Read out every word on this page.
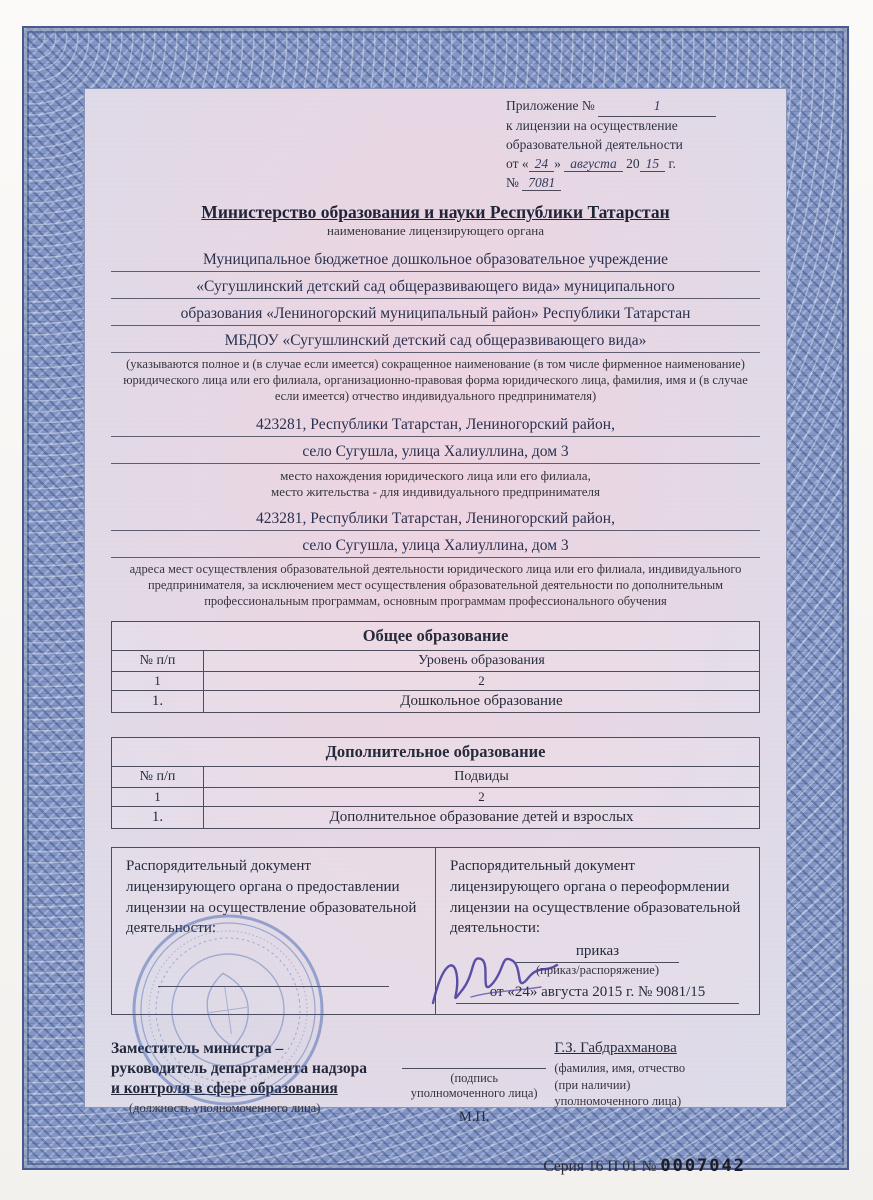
Приложение №	1
к лицензии на осуществление
образовательной деятельности
от « 24 » августа 20 15 г.
№ 7081
Министерство образования и науки Республики Татарстан
наименование лицензирующего органа
Муниципальное бюджетное дошкольное образовательное учреждение
«Сугушлинский детский сад общеразвивающего вида» муниципального
образования «Лениногорский муниципальный район» Республики Татарстан
МБДОУ «Сугушлинский детский сад общеразвивающего вида»
(указываются полное и (в случае если имеется) сокращенное наименование (в том числе фирменное наименование) юридического лица или его филиала, организационно-правовая форма юридического лица, фамилия, имя и (в случае если имеется) отчество индивидуального предпринимателя)
423281, Республики Татарстан, Лениногорский район,
село Сугушла, улица Халиуллина, дом 3
место нахождения юридического лица или его филиала,
место жительства - для индивидуального предпринимателя
423281, Республики Татарстан, Лениногорский район,
село Сугушла, улица Халиуллина, дом 3
адреса мест осуществления образовательной деятельности юридического лица или его филиала, индивидуального предпринимателя, за исключением мест осуществления образовательной деятельности по дополнительным профессиональным программам, основным программам профессионального обучения
Общее образование	
№ п/п	Уровень образования
1	2
1.	Дошкольное образование
Дополнительное образование	
№ п/п	Подвиды
1	2
1.	Дополнительное образование детей и взрослых
Распорядительный документ лицензирующего органа о предоставлении лицензии на осуществление образовательной деятельности:

Распорядительный документ лицензирующего органа о переоформлении лицензии на осуществление образовательной деятельности:
приказ
(приказ/распоряжение)
от «24» августа 2015 г. № 9081/15
Заместитель министра –
руководитель департамента надзора
и контроля в сфере образования
(должность уполномоченного лица)
(подпись
уполномоченного лица)
М.П.
Г.З. Габдрахманова
(фамилия, имя, отчество
(при наличии)
уполномоченного лица)
Серия 16 П 01 № 0007042
